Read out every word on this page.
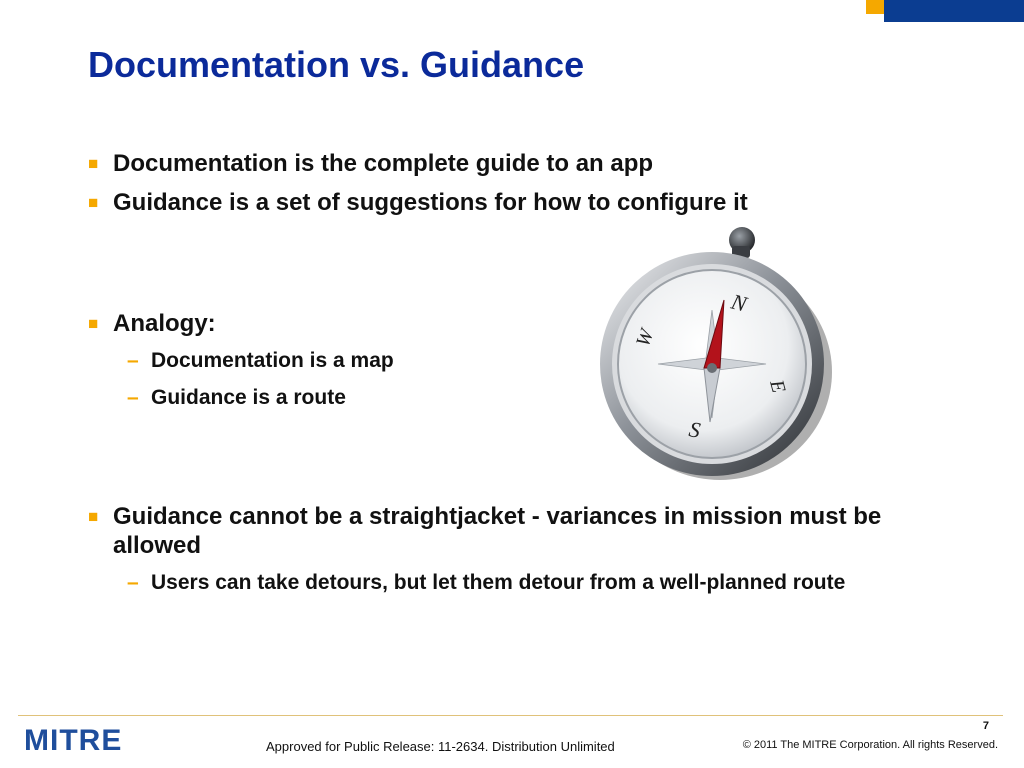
Documentation vs. Guidance
■ Documentation is the complete guide to an app
■ Guidance is a set of suggestions for how to configure it
■ Analogy:
– Documentation is a map
– Guidance is a route
■ Guidance cannot be a straightjacket - variances in mission must be allowed
– Users can take detours, but let them detour from a well-planned route
N
E
S
W
MITRE	Approved for Public Release: 11-2634. Distribution Unlimited
7
© 2011 The MITRE Corporation. All rights Reserved.
